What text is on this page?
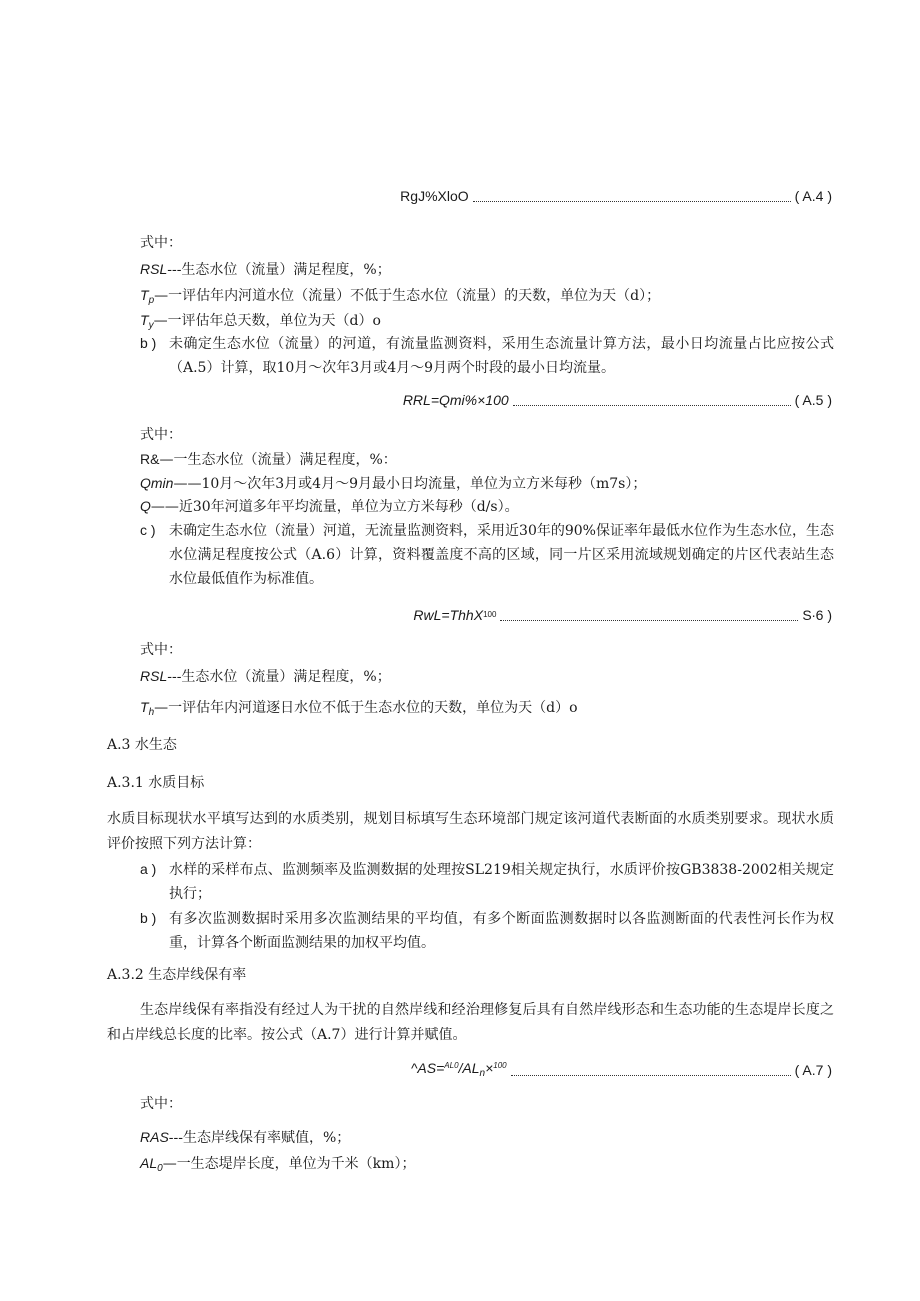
RgJ%XloO	( A.4 )
式中：
RSL---生态水位（流量）满足程度，%；
$T_p—$一评估年内河道水位（流量）不低于生态水位（流量）的天数，单位为天（d）；
$T_y—$一评估年总天数，单位为天（d）o
b ) 未确定生态水位（流量）的河道，有流量监测资料，采用生态流量计算方法，最小日均流量占比应按公式（A.5）计算，取10月～次年3月或4月～9月两个时段的最小日均流量。
RRL=Qmi%×100	( A.5 )
式中：
R&—一生态水位（流量）满足程度，%：
Qmin——10月～次年3月或4月～9月最小日均流量，单位为立方米每秒（m7s）；
Q——近30年河道多年平均流量，单位为立方米每秒（d/s）。
c ) 未确定生态水位（流量）河道，无流量监测资料，采用近30年的90%保证率年最低水位作为生态水位，生态水位满足程度按公式（A.6）计算，资料覆盖度不高的区域，同一片区采用流域规划确定的片区代表站生态水位最低值作为标准值。
RwL=ThhX 100	S∙6 )
式中：
RSL---生态水位（流量）满足程度，%；
$T_h—$一评估年内河道逐日水位不低于生态水位的天数，单位为天（d）o
A.3 水生态
A.3.1 水质目标
水质目标现状水平填写达到的水质类别，规划目标填写生态环境部门规定该河道代表断面的水质类别要求。现状水质评价按照下列方法计算：
a ) 水样的采样布点、监测频率及监测数据的处理按SL219相关规定执行，水质评价按GB3838-2002相关规定执行；
b ) 有多次监测数据时采用多次监测结果的平均值，有多个断面监测数据时以各监测断面的代表性河长作为权重，计算各个断面监测结果的加权平均值。
A.3.2 生态岸线保有率
生态岸线保有率指没有经过人为干扰的自然岸线和经治理修复后具有自然岸线形态和生态功能的生态堤岸长度之和占岸线总长度的比率。按公式（A.7）进行计算并赋值。
$\^{}AS=^{AL0}/AL_n\times^{100}$	( A.7 )
式中：
RAS---生态岸线保有率赋值，%；
$AL_0—$一生态堤岸长度，单位为千米（km）；
